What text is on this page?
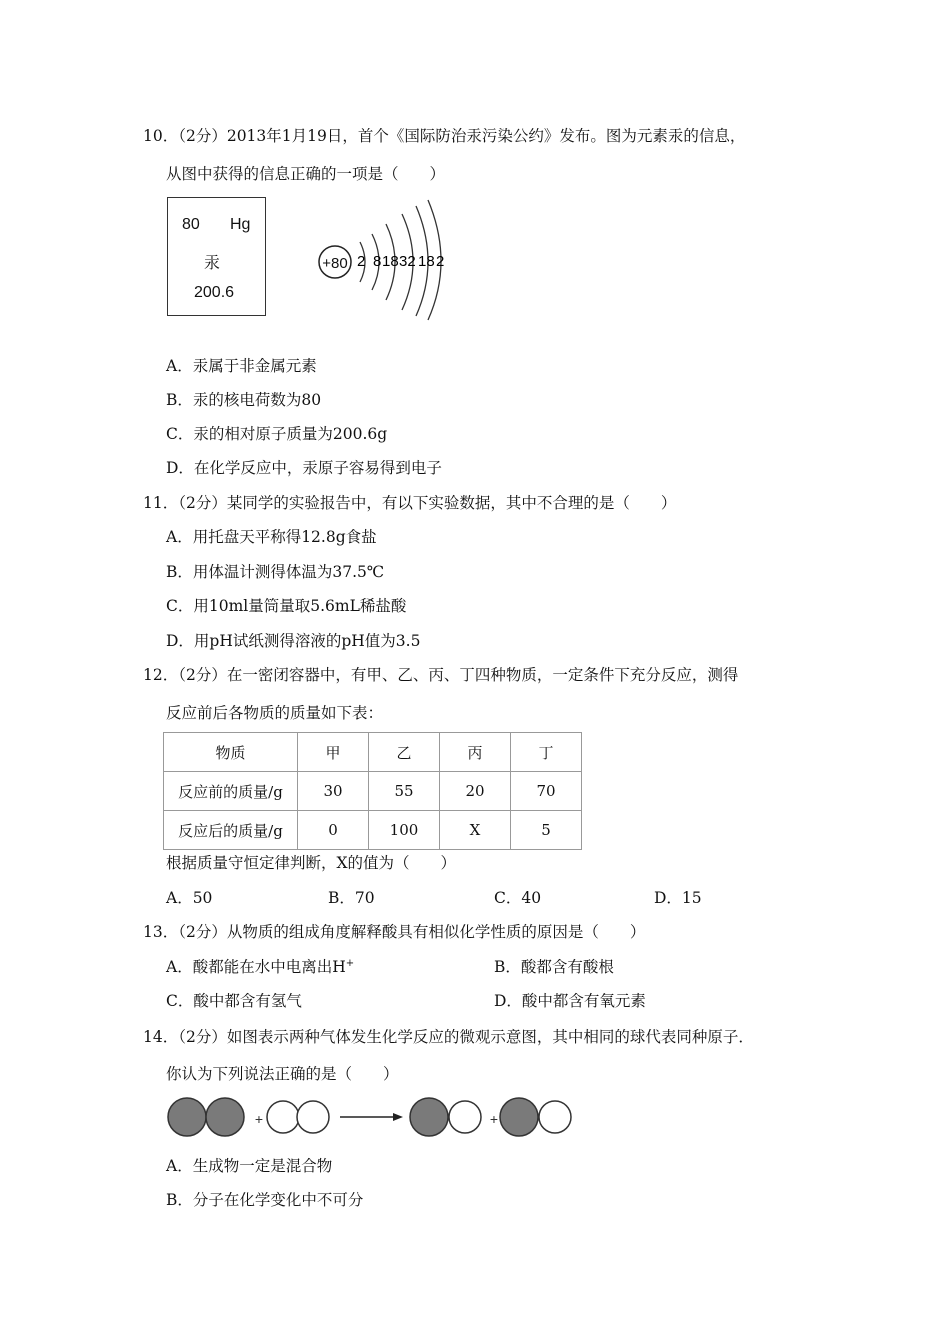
10．（2分）2013年1月19日，首个《国际防治汞污染公约》发布。图为元素汞的信息，
从图中获得的信息正确的一项是（　　）
80 Hg
汞
200.6
+80 2 8 18 32 18 2
A．汞属于非金属元素
B．汞的核电荷数为80
C．汞的相对原子质量为200.6g
D．在化学反应中，汞原子容易得到电子
11．（2分）某同学的实验报告中，有以下实验数据，其中不合理的是（　　）
A．用托盘天平称得12.8g食盐
B．用体温计测得体温为37.5℃
C．用10ml量筒量取5.6mL稀盐酸
D．用pH试纸测得溶液的pH值为3.5
12．（2分）在一密闭容器中，有甲、乙、丙、丁四种物质，一定条件下充分反应，测得
反应前后各物质的质量如下表：
物质	甲	乙	丙	丁
反应前的质量/g	30	55	20	70
反应后的质量/g	0	100	X	5
根据质量守恒定律判断，X的值为（　　）
A．50	B．70	C．40	D．15
13．（2分）从物质的组成角度解释酸具有相似化学性质的原因是（　　）
A．酸都能在水中电离出H+	B．酸都含有酸根
C．酸中都含有氢气	D．酸中都含有氧元素
14．（2分）如图表示两种气体发生化学反应的微观示意图，其中相同的球代表同种原子．
你认为下列说法正确的是（　　）
+	+
A．生成物一定是混合物
B．分子在化学变化中不可分
